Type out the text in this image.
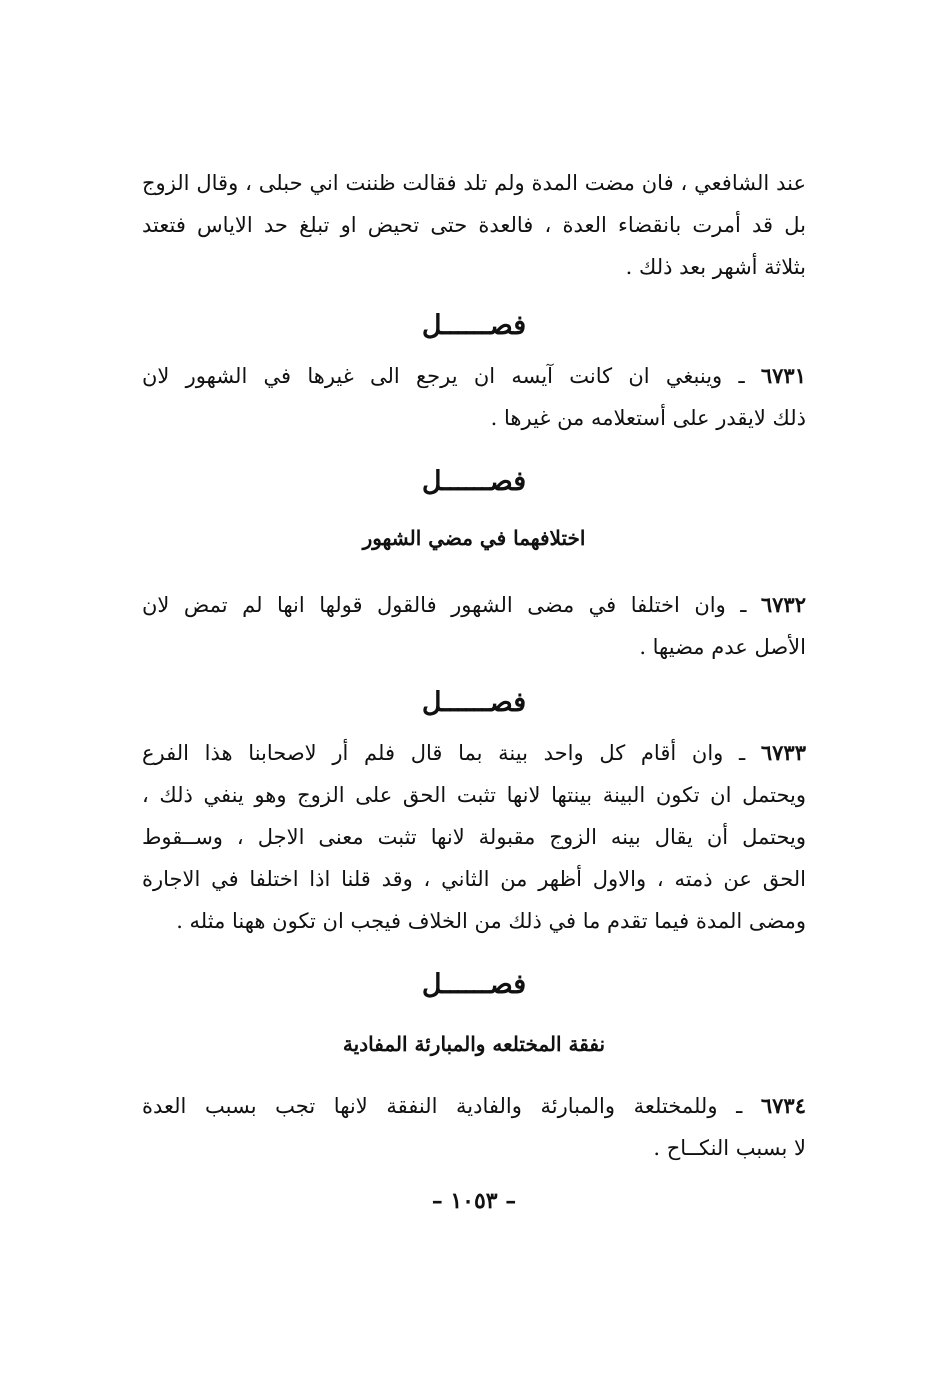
عند الشافعي ، فان مضت المدة ولم تلد فقالت ظننت اني حبلى ، وقال الزوج
بل قد أمرت بانقضاء العدة ، فالعدة حتى تحيض او تبلغ حد الاياس فتعتد
بثلاثة أشهر بعد ذلك .
فصــــــل
٦٧٣١ ـ وينبغي ان كانت آيسه ان يرجع الى غيرها في الشهور لان
ذلك لايقدر على أستعلامه من غيرها .
فصــــــل
اختلافهما في مضي الشهور
٦٧٣٢ ـ وان اختلفا في مضى الشهور فالقول قولها انها لم تمض لان
الأصل عدم مضيها .
فصــــــل
٦٧٣٣ ـ وان أقام كل واحد بينة بما قال فلم أر لاصحابنا هذا الفرع
ويحتمل ان تكون البينة بينتها لانها تثبت الحق على الزوج وهو ينفي ذلك ،
ويحتمل أن يقال بينه الزوج مقبولة لانها تثبت معنى الاجل ، وســقوط
الحق عن ذمته ، والاول أظهر من الثاني ، وقد قلنا اذا اختلفا في الاجارة
ومضى المدة فيما تقدم ما في ذلك من الخلاف فيجب ان تكون ههنا مثله .
فصــــــل
نفقة المختلعه والمبارئة المفادية
٦٧٣٤ ـ وللمختلعة والمبارئة والفادية النفقة لانها تجب بسبب العدة
لا بسبب النكــاح .
– ١٠٥٣ –
